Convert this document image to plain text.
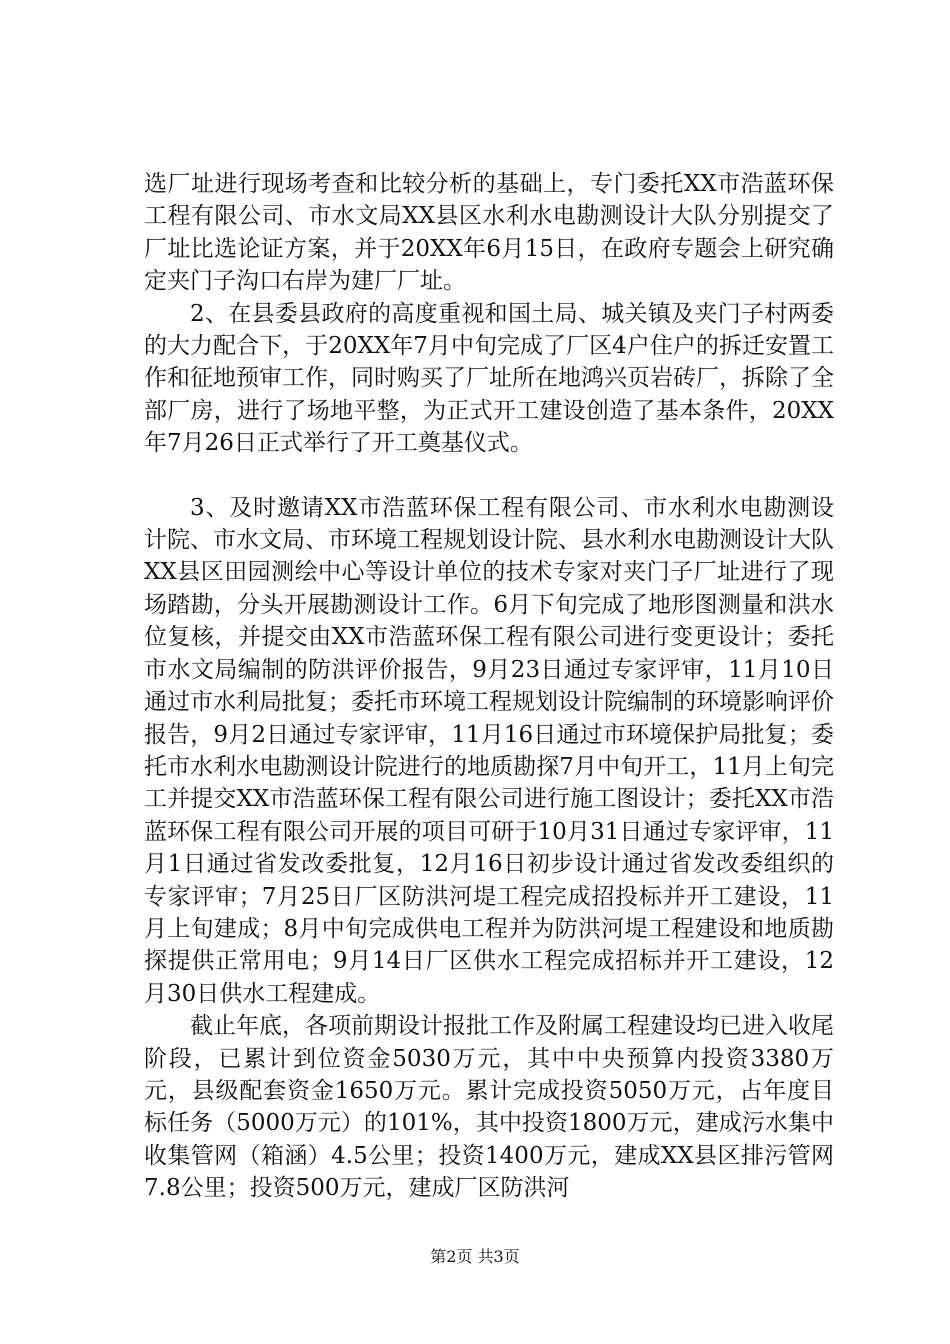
选厂址进行现场考查和比较分析的基础上，专门委托XX市浩蓝环保工程有限公司、市水文局XX县区水利水电勘测设计大队分别提交了厂址比选论证方案，并于20XX年6月15日，在政府专题会上研究确定夹门子沟口右岸为建厂厂址。

2、在县委县政府的高度重视和国土局、城关镇及夹门子村两委的大力配合下，于20XX年7月中旬完成了厂区4户住户的拆迁安置工作和征地预审工作，同时购买了厂址所在地鸿兴页岩砖厂，拆除了全部厂房，进行了场地平整，为正式开工建设创造了基本条件，20XX年7月26日正式举行了开工奠基仪式。

3、及时邀请XX市浩蓝环保工程有限公司、市水利水电勘测设计院、市水文局、市环境工程规划设计院、县水利水电勘测设计大队XX县区田园测绘中心等设计单位的技术专家对夹门子厂址进行了现场踏勘，分头开展勘测设计工作。6月下旬完成了地形图测量和洪水位复核，并提交由XX市浩蓝环保工程有限公司进行变更设计；委托市水文局编制的防洪评价报告，9月23日通过专家评审，11月10日通过市水利局批复；委托市环境工程规划设计院编制的环境影响评价报告，9月2日通过专家评审，11月16日通过市环境保护局批复；委托市水利水电勘测设计院进行的地质勘探7月中旬开工，11月上旬完工并提交XX市浩蓝环保工程有限公司进行施工图设计；委托XX市浩蓝环保工程有限公司开展的项目可研于10月31日通过专家评审，11月1日通过省发改委批复，12月16日初步设计通过省发改委组织的专家评审；7月25日厂区防洪河堤工程完成招投标并开工建设，11月上旬建成；8月中旬完成供电工程并为防洪河堤工程建设和地质勘探提供正常用电；9月14日厂区供水工程完成招标并开工建设，12月30日供水工程建成。

截止年底，各项前期设计报批工作及附属工程建设均已进入收尾阶段，已累计到位资金5030万元，其中中央预算内投资3380万元，县级配套资金1650万元。累计完成投资5050万元，占年度目标任务（5000万元）的101%，其中投资1800万元，建成污水集中收集管网（箱涵）4.5公里；投资1400万元，建成XX县区排污管网7.8公里；投资500万元，建成厂区防洪河

第2页 共3页
